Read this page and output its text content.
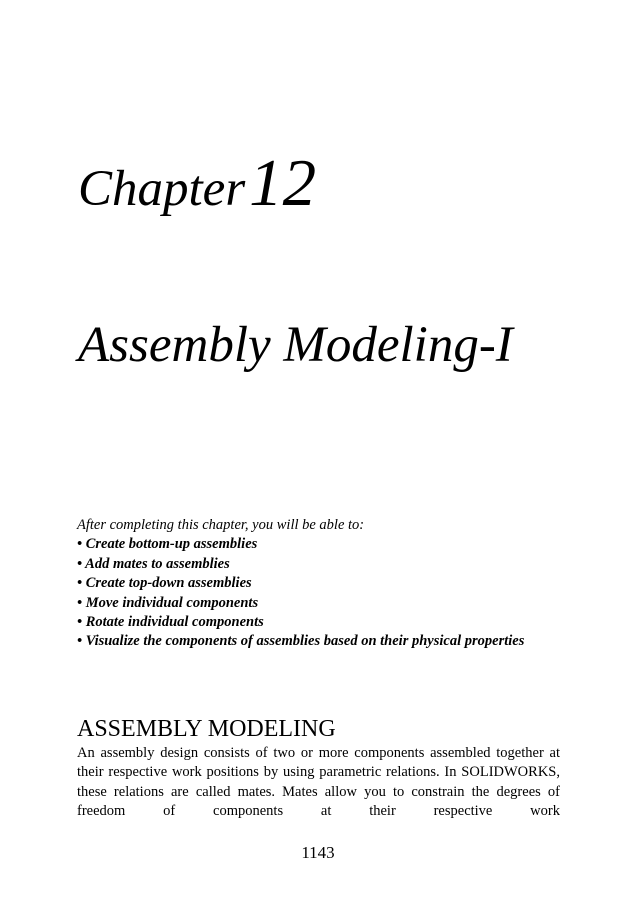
Chapter 12
Assembly Modeling-I
After completing this chapter, you will be able to:
• Create bottom-up assemblies
• Add mates to assemblies
• Create top-down assemblies
• Move individual components
• Rotate individual components
• Visualize the components of assemblies based on their physical properties
ASSEMBLY MODELING
An assembly design consists of two or more components assembled together at their respective work positions by using parametric relations. In SOLIDWORKS, these relations are called mates. Mates allow you to constrain the degrees of freedom of components at their respective work
1143
